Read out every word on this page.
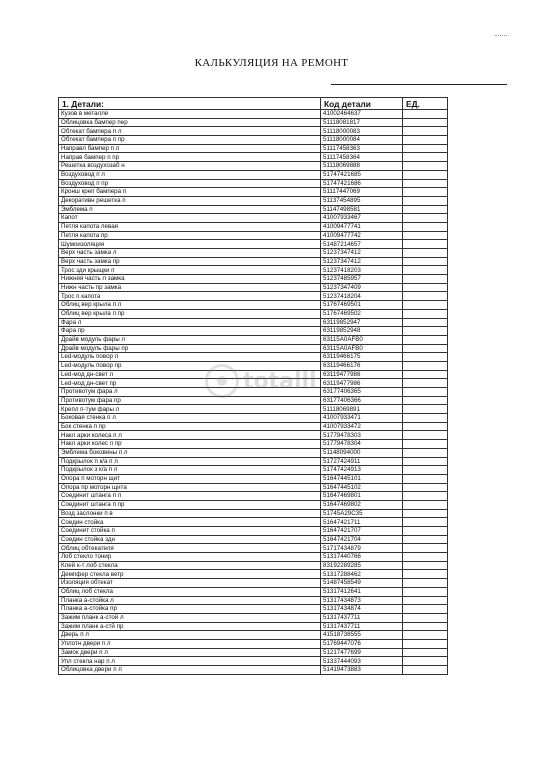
КАЛЬКУЛЯЦИЯ НА РЕМОНТ
1. Детали:	Код детали	ЕД.
Кузов в металле	41002464637	
Облицовка бампер пер	51118081817	
Обтекат бампера п л	51118000083	
Обтекат бампера п пр	51118000084	
Направл бампер п л	51117458363	
Направ бампер п пр	51117458364	
Решетка воздухозаб н	51118069888	
Воздуховод п л	51747421685	
Воздуховод п пр	51747421686	
Кронш креп бампера п	51117447069	
Декоративн решетка п	51137454895	
Эмблема п	51147498581	
Капот	41007933467	
Петля капота левая	41009477741	
Петля капота пр	41009477742	
Шумоизоляция	51487214657	
Верх часть замка л	51237347412	
Верх часть замка пр	51237347412	
Трос зди крыщки п	51237418203	
Нижняя часть л замка	51237485957	
Нижн часть пр замка	51237347409	
Трос п капота	51237418204	
Облиц вер крыла п л	51767469501	
Облиц вер крыла п пр	51767469502	
Фара л	63119852947	
Фара пр	63119852948	
Драйв модуль фары л	63115A0AFB0	
Драйв модуль фары пр	63115A0AFB0	
Led-модуль повор л	63119466175	
Led-модуль повор пр	63119466176	
Led-мод дн-свет л	63119477986	
Led-мод дн-свет пр	63119477986	
Противотум фара л	63177406365	
Противотум фара пр	63177406366	
Крепл п-тум фары л	51118069891	
Боковая стенка п л	41007933471	
Бок стенка п пр	41007933472	
Накл арки колеса п л	51779478303	
Накл арки колес п пр	51779478304	
Эмблема боковины п л	51148094000	
Подкрылок п к/а п л	51727424911	
Подкрылок з к/а п л	51747424913	
Опора п моторн щит	51647445101	
Опора пр моторн щита	51647445102	
Соединит штанга п л	51647469801	
Соединит штанга п пр	51647469802	
Возд заслонки п в	51745A29C35	
Соедин стойка	51647421711	
Соединит стойка п	51647421707	
Соедин стойка здн	51647421704	
Облиц обтекателя	51717434879	
Лоб стекло тонир	51317440766	
Клей к-т лоб стекла	83192289285	
Демпфер стекла ветр	51317288462	
Изоляция обтекат	51487458549	
Облиц лоб стекла	51317412641	
Планка а-стойка л	51317434873	
Планка а-стойка пр	51317434874	
Зажим планк а-стой л	51317437711	
Зажим планк а-стй пр	51317437711	
Дверь п л	41518738555	
Уплотн двери п л	51769447076	
Замок двери п л	51217477699	
Упл стекла нар п л	51337444093	
Облицовка двери п л	51419473883	
totalll
